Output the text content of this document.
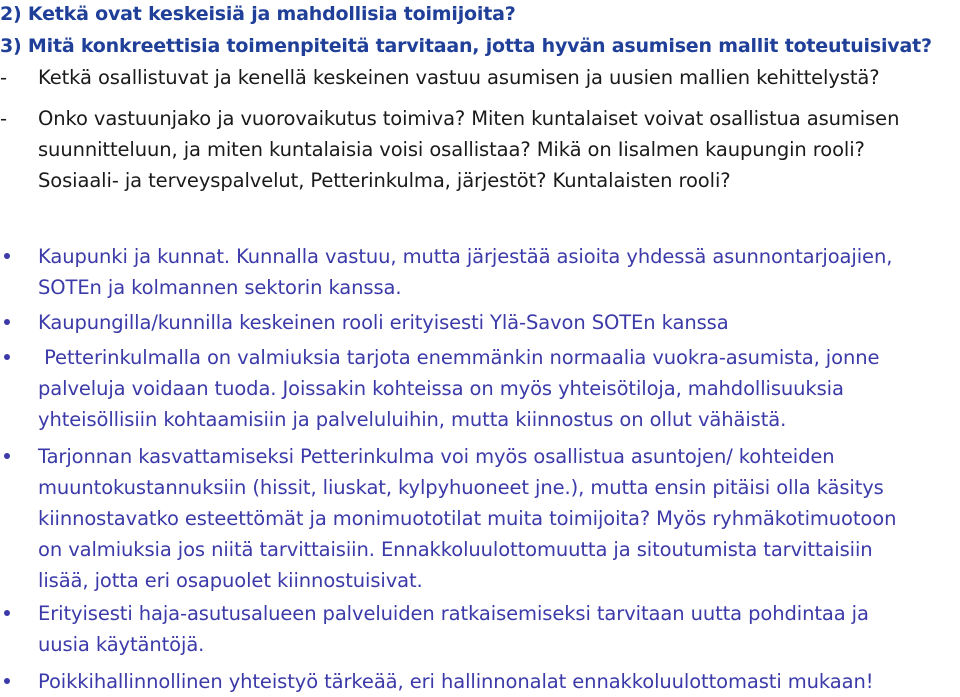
2) Ketkä ovat keskeisiä ja mahdollisia toimijoita?
3) Mitä konkreettisia toimenpiteitä tarvitaan, jotta hyvän asumisen mallit toteutuisivat?
- Ketkä osallistuvat ja kenellä keskeinen vastuu asumisen ja uusien mallien kehittelystä?
- Onko vastuunjako ja vuorovaikutus toimiva? Miten kuntalaiset voivat osallistua asumisen
suunnitteluun, ja miten kuntalaisia voisi osallistaa? Mikä on Iisalmen kaupungin rooli?
Sosiaali- ja terveyspalvelut, Petterinkulma, järjestöt? Kuntalaisten rooli?
Kaupunki ja kunnat. Kunnalla vastuu, mutta järjestää asioita yhdessä asunnontarjoajien,
SOTEn ja kolmannen sektorin kanssa.
Kaupungilla/kunnilla keskeinen rooli erityisesti Ylä-Savon SOTEn kanssa
Petterinkulmalla on valmiuksia tarjota enemmänkin normaalia vuokra-asumista, jonne
palveluja voidaan tuoda. Joissakin kohteissa on myös yhteisötiloja, mahdollisuuksia
yhteisöllisiin kohtaamisiin ja palveluluihin, mutta kiinnostus on ollut vähäistä.
Tarjonnan kasvattamiseksi Petterinkulma voi myös osallistua asuntojen/ kohteiden
muuntokustannuksiin (hissit, liuskat, kylpyhuoneet jne.), mutta ensin pitäisi olla käsitys
kiinnostavatko esteettömät ja monimuototilat muita toimijoita? Myös ryhmäkotimuotoon
on valmiuksia jos niitä tarvittaisiin. Ennakkoluulottomuutta ja sitoutumista tarvittaisiin
lisää, jotta eri osapuolet kiinnostuisivat.
Erityisesti haja-asutusalueen palveluiden ratkaisemiseksi tarvitaan uutta pohdintaa ja
uusia käytäntöjä.
Poikkihallinnollinen yhteistyö tärkeää, eri hallinnonalat ennakkoluulottomasti mukaan!
